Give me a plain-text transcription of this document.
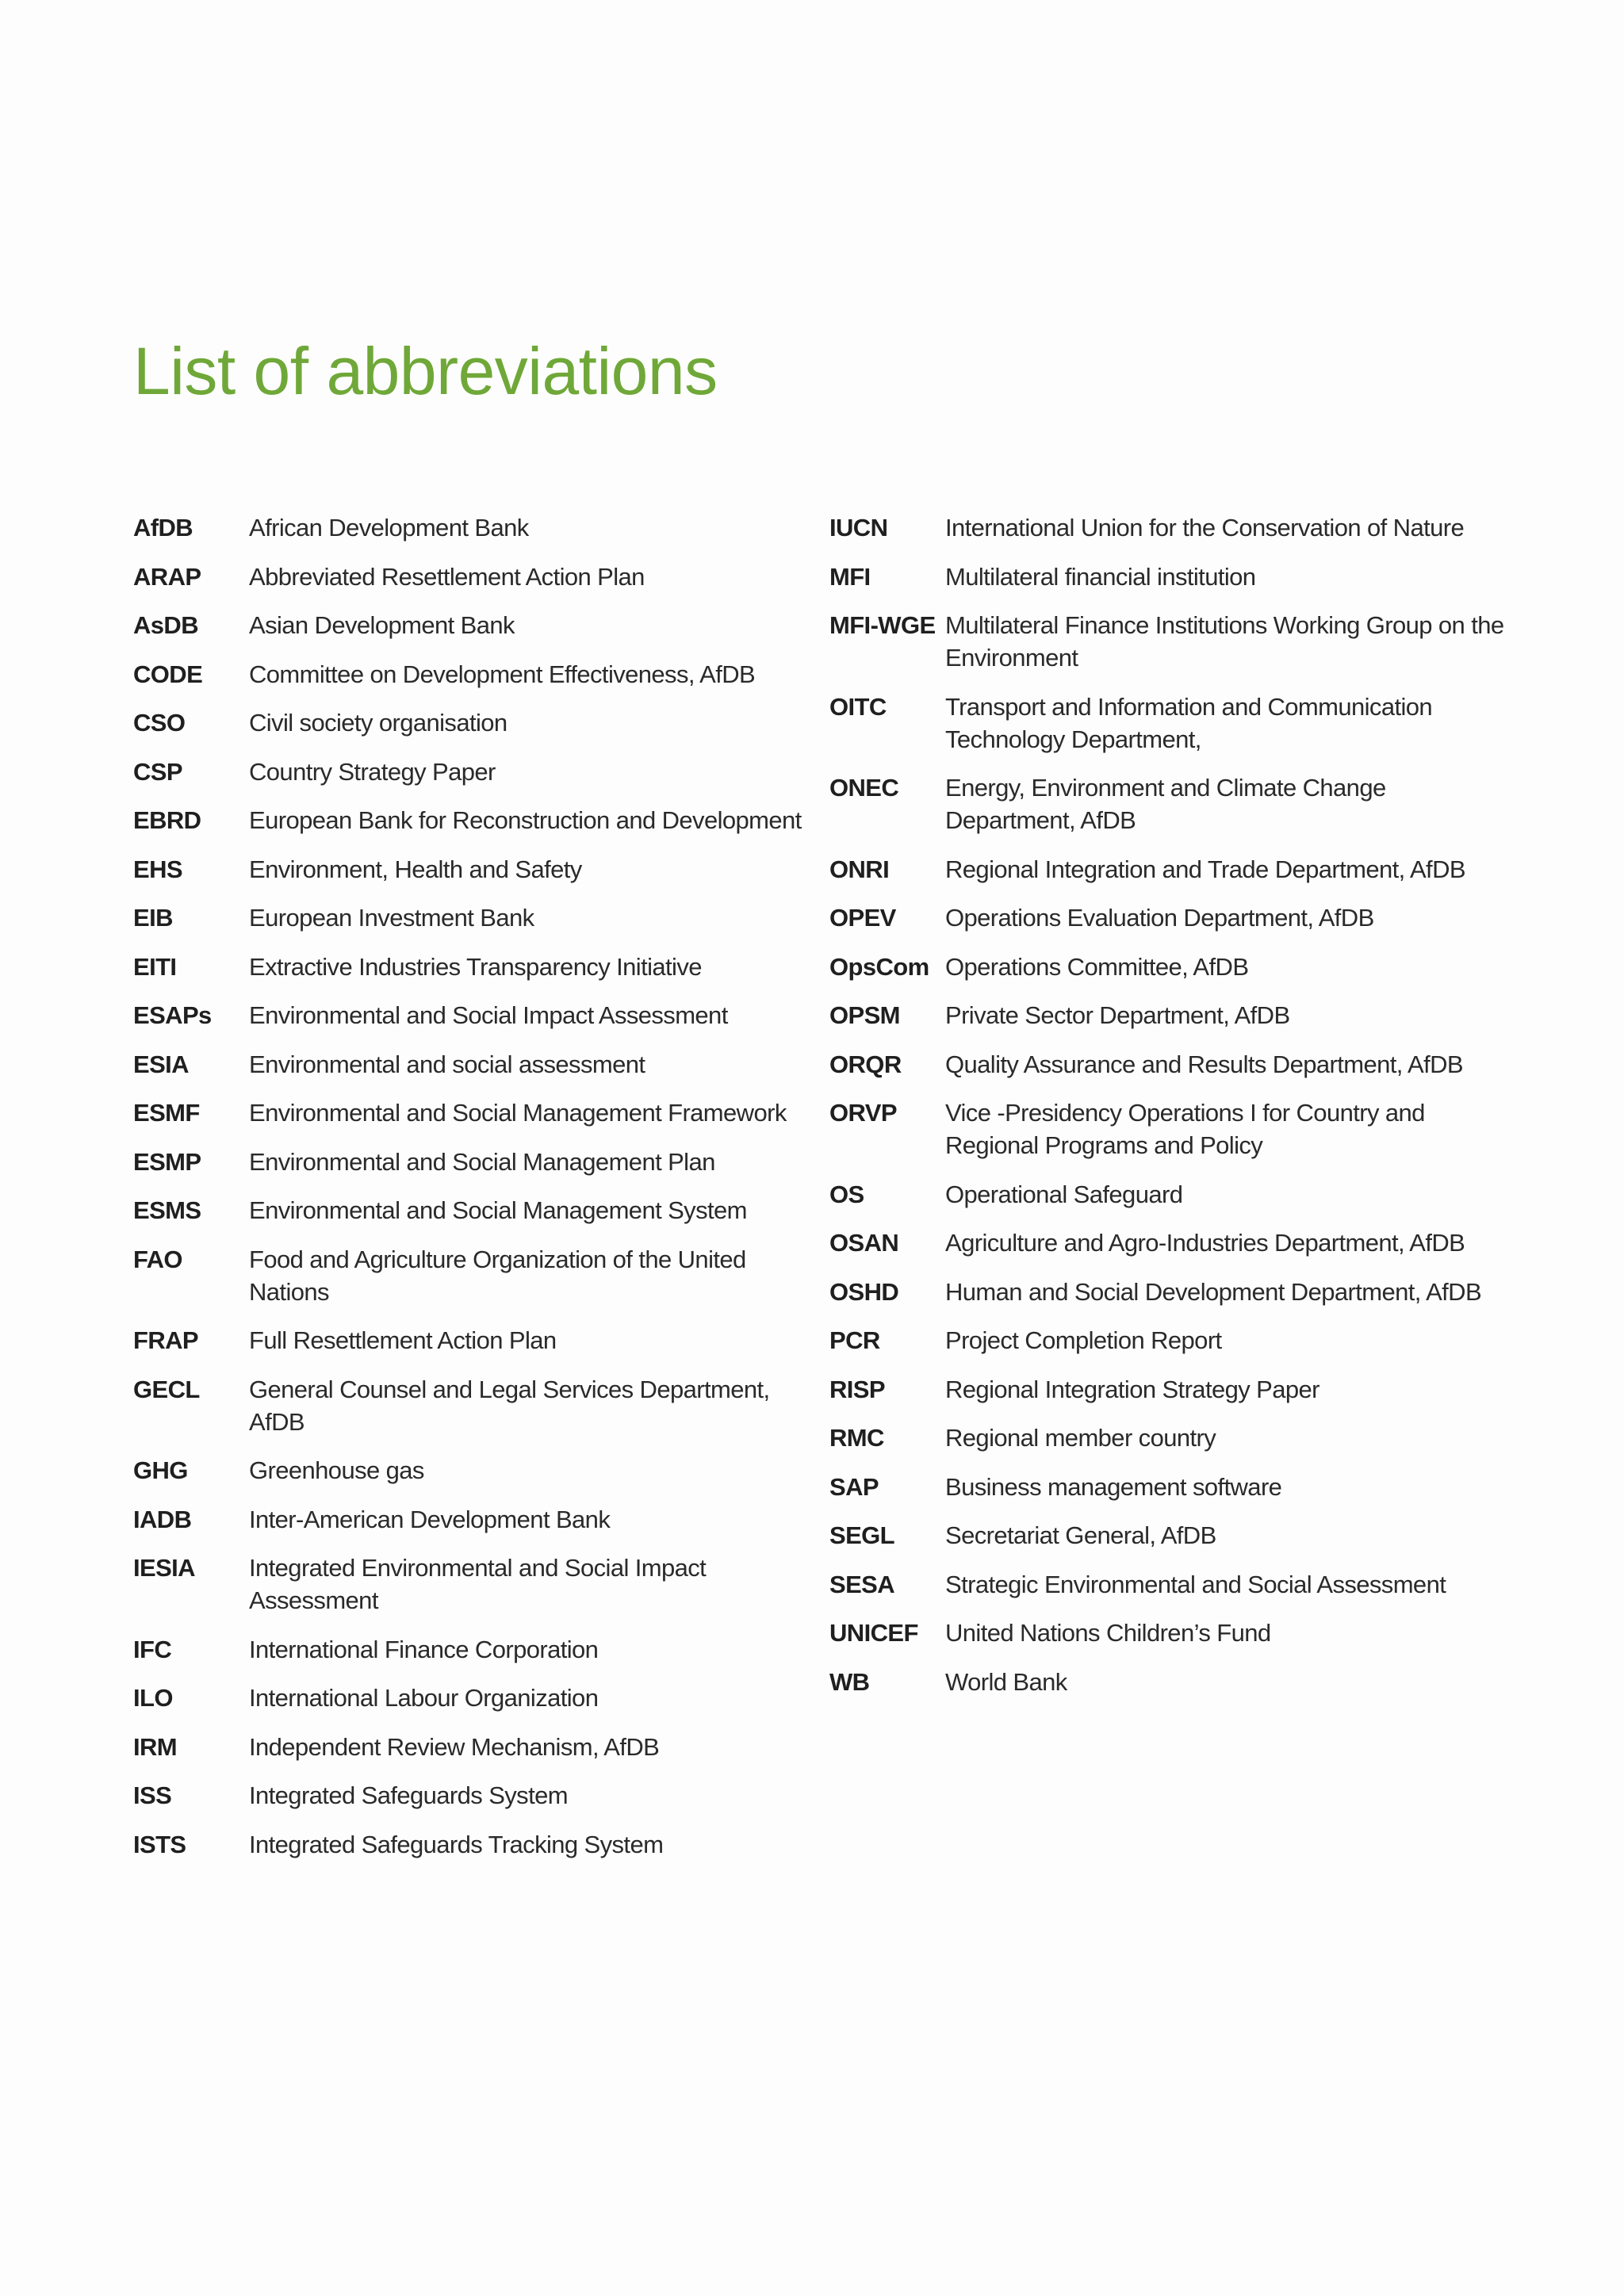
List of abbreviations
AfDB	African Development Bank
ARAP	Abbreviated Resettlement Action Plan
AsDB	Asian Development Bank
CODE	Committee on Development Effectiveness, AfDB
CSO	Civil society organisation
CSP	Country Strategy Paper
EBRD	European Bank for Reconstruction and Development
EHS	Environment, Health and Safety
EIB	European Investment Bank
EITI	Extractive Industries Transparency Initiative
ESAPs	Environmental and Social Impact Assessment
ESIA	Environmental and social assessment
ESMF	Environmental and Social Management Framework
ESMP	Environmental and Social Management Plan
ESMS	Environmental and Social Management System
FAO	Food and Agriculture Organization of the United Nations
FRAP	Full Resettlement Action Plan
GECL	General Counsel and Legal Services Department, AfDB
GHG	Greenhouse gas
IADB	Inter-American Development Bank
IESIA	Integrated Environmental and Social Impact Assessment
IFC	International Finance Corporation
ILO	International Labour Organization
IRM	Independent Review Mechanism, AfDB
ISS	Integrated Safeguards System
ISTS	Integrated Safeguards Tracking System
IUCN	International Union for the Conservation of Nature
MFI	Multilateral financial institution
MFI-WGE Multilateral Finance Institutions Working Group on the Environment
OITC	Transport and Information and Communication Technology Department,
ONEC	Energy, Environment and Climate Change Department, AfDB
ONRI	Regional Integration and Trade Department, AfDB
OPEV	Operations Evaluation Department, AfDB
OpsCom Operations Committee, AfDB
OPSM	Private Sector Department, AfDB
ORQR	Quality Assurance and Results Department, AfDB
ORVP	Vice -Presidency Operations I for Country and Regional Programs and Policy
OS	Operational Safeguard
OSAN	Agriculture and Agro-Industries Department, AfDB
OSHD	Human and Social Development Department, AfDB
PCR	Project Completion Report
RISP	Regional Integration Strategy Paper
RMC	Regional member country
SAP	Business management software
SEGL	Secretariat General, AfDB
SESA	Strategic Environmental and Social Assessment
UNICEF	United Nations Children’s Fund
WB	World Bank
